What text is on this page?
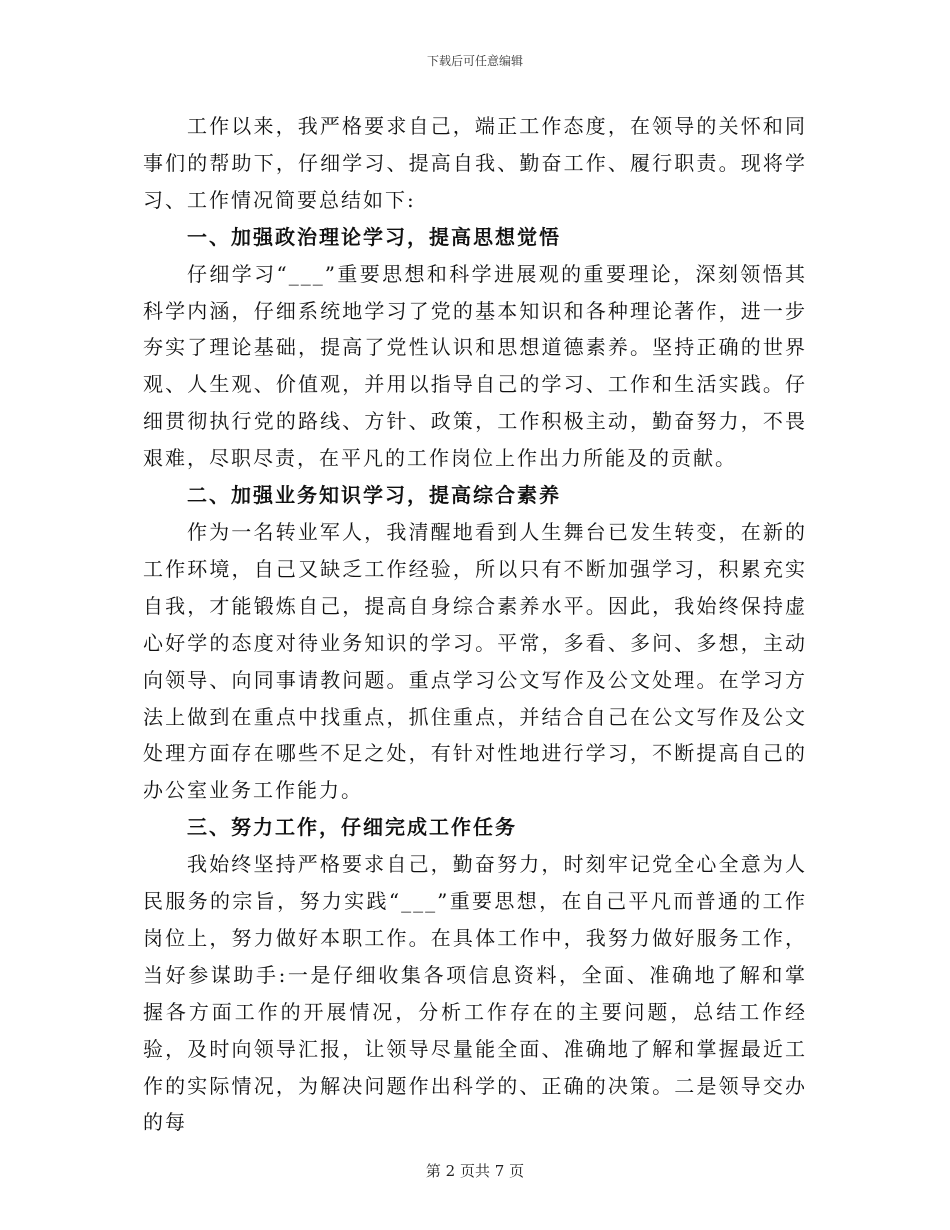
下载后可任意编辑

工作以来，我严格要求自己，端正工作态度，在领导的关怀和同事们的帮助下，仔细学习、提高自我、勤奋工作、履行职责。现将学习、工作情况简要总结如下:

一、加强政治理论学习，提高思想觉悟

仔细学习“___”重要思想和科学进展观的重要理论，深刻领悟其科学内涵，仔细系统地学习了党的基本知识和各种理论著作，进一步夯实了理论基础，提高了党性认识和思想道德素养。坚持正确的世界观、人生观、价值观，并用以指导自己的学习、工作和生活实践。仔细贯彻执行党的路线、方针、政策，工作积极主动，勤奋努力，不畏艰难，尽职尽责，在平凡的工作岗位上作出力所能及的贡献。

二、加强业务知识学习，提高综合素养

作为一名转业军人，我清醒地看到人生舞台已发生转变，在新的工作环境，自己又缺乏工作经验，所以只有不断加强学习，积累充实自我，才能锻炼自己，提高自身综合素养水平。因此，我始终保持虚心好学的态度对待业务知识的学习。平常，多看、多问、多想，主动向领导、向同事请教问题。重点学习公文写作及公文处理。在学习方法上做到在重点中找重点，抓住重点，并结合自己在公文写作及公文处理方面存在哪些不足之处，有针对性地进行学习，不断提高自己的办公室业务工作能力。

三、努力工作，仔细完成工作任务

我始终坚持严格要求自己，勤奋努力，时刻牢记党全心全意为人民服务的宗旨，努力实践“___”重要思想，在自己平凡而普通的工作岗位上，努力做好本职工作。在具体工作中，我努力做好服务工作，当好参谋助手:一是仔细收集各项信息资料，全面、准确地了解和掌握各方面工作的开展情况，分析工作存在的主要问题，总结工作经验，及时向领导汇报，让领导尽量能全面、准确地了解和掌握最近工作的实际情况，为解决问题作出科学的、正确的决策。二是领导交办的每

第 2 页共 7 页
